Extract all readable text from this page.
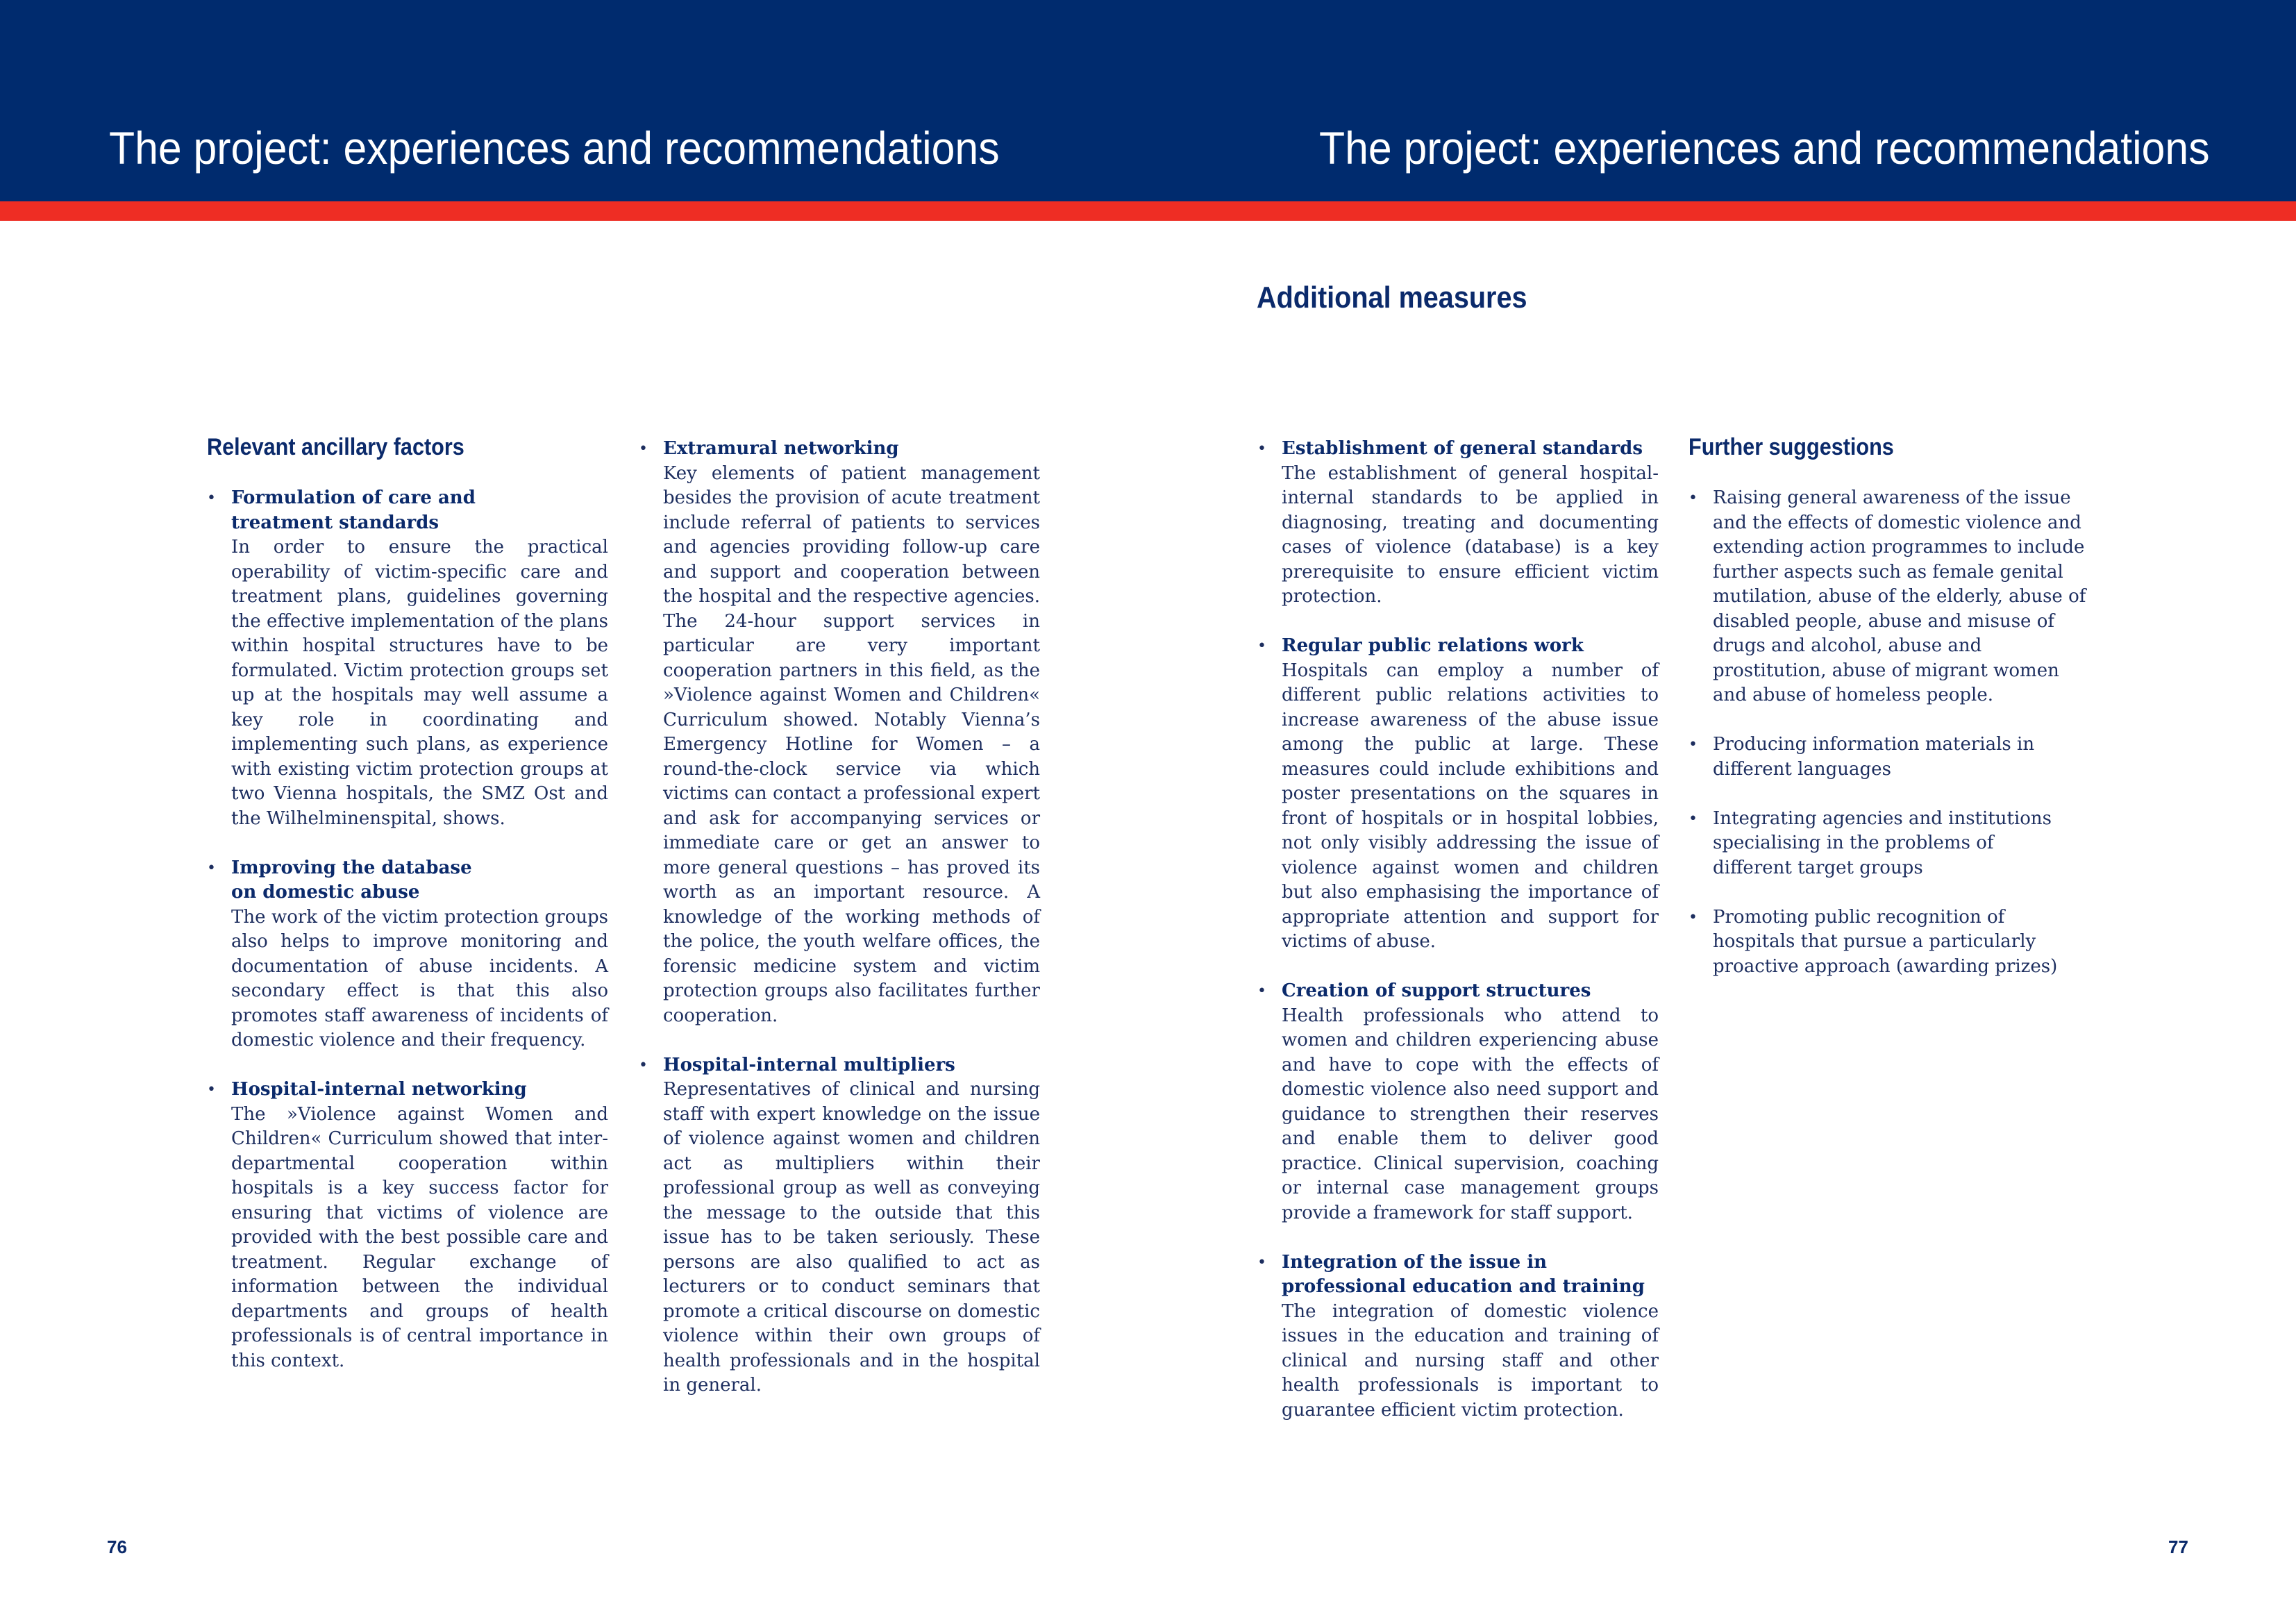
The project: experiences and recommendations	The project: experiences and recommendations
Additional measures
Relevant ancillary factors	Further suggestions
• Formulation of care and treatment standards
In order to ensure the practical operability of victim-specific care and treatment plans, guidelines governing the effective implementation of the plans within hospital structures have to be formulated. Victim protection groups set up at the hospitals may well assume a key role in coordinating and implementing such plans, as experience with existing victim protection groups at two Vienna hospitals, the SMZ Ost and the Wilhelminenspital, shows.
• Improving the database on domestic abuse
The work of the victim protection groups also helps to improve monitoring and documentation of abuse incidents. A secondary effect is that this also promotes staff awareness of incidents of domestic violence and their frequency.
• Hospital-internal networking
The »Violence against Women and Children« Curriculum showed that inter-departmental cooperation within hospitals is a key success factor for ensuring that victims of violence are provided with the best possible care and treatment. Regular exchange of information between the individual departments and groups of health professionals is of central importance in this context.
• Extramural networking
Key elements of patient management besides the provision of acute treatment include referral of patients to services and agencies providing follow-up care and support and cooperation between the hospital and the respective agencies. The 24-hour support services in particular are very important cooperation partners in this field, as the »Violence against Women and Children« Curriculum showed. Notably Vienna’s Emergency Hotline for Women – a round-the-clock service via which victims can contact a professional expert and ask for accompanying services or immediate care or get an answer to more general questions – has proved its worth as an important resource. A knowledge of the working methods of the police, the youth welfare offices, the forensic medicine system and victim protection groups also facilitates further cooperation.
• Hospital-internal multipliers
Representatives of clinical and nursing staff with expert knowledge on the issue of violence against women and children act as multipliers within their professional group as well as conveying the message to the outside that this issue has to be taken seriously. These persons are also qualified to act as lecturers or to conduct seminars that promote a critical discourse on domestic violence within their own groups of health professionals and in the hospital in general.
• Establishment of general standards
The establishment of general hospital-internal standards to be applied in diagnosing, treating and documenting cases of violence (database) is a key prerequisite to ensure efficient victim protection.
• Regular public relations work
Hospitals can employ a number of different public relations activities to increase awareness of the abuse issue among the public at large. These measures could include exhibitions and poster presentations on the squares in front of hospitals or in hospital lobbies, not only visibly addressing the issue of violence against women and children but also emphasising the importance of appropriate attention and support for victims of abuse.
• Creation of support structures
Health professionals who attend to women and children experiencing abuse and have to cope with the effects of domestic violence also need support and guidance to strengthen their reserves and enable them to deliver good practice. Clinical supervision, coaching or internal case management groups provide a framework for staff support.
• Integration of the issue in professional education and training
The integration of domestic violence issues in the education and training of clinical and nursing staff and other health professionals is important to guarantee efficient victim protection.
• Raising general awareness of the issue and the effects of domestic violence and extending action programmes to include further aspects such as female genital mutilation, abuse of the elderly, abuse of disabled people, abuse and misuse of drugs and alcohol, abuse and prostitution, abuse of migrant women and abuse of homeless people.
• Producing information materials in different languages
• Integrating agencies and institutions specialising in the problems of different target groups
• Promoting public recognition of hospitals that pursue a particularly proactive approach (awarding prizes)
76	77
